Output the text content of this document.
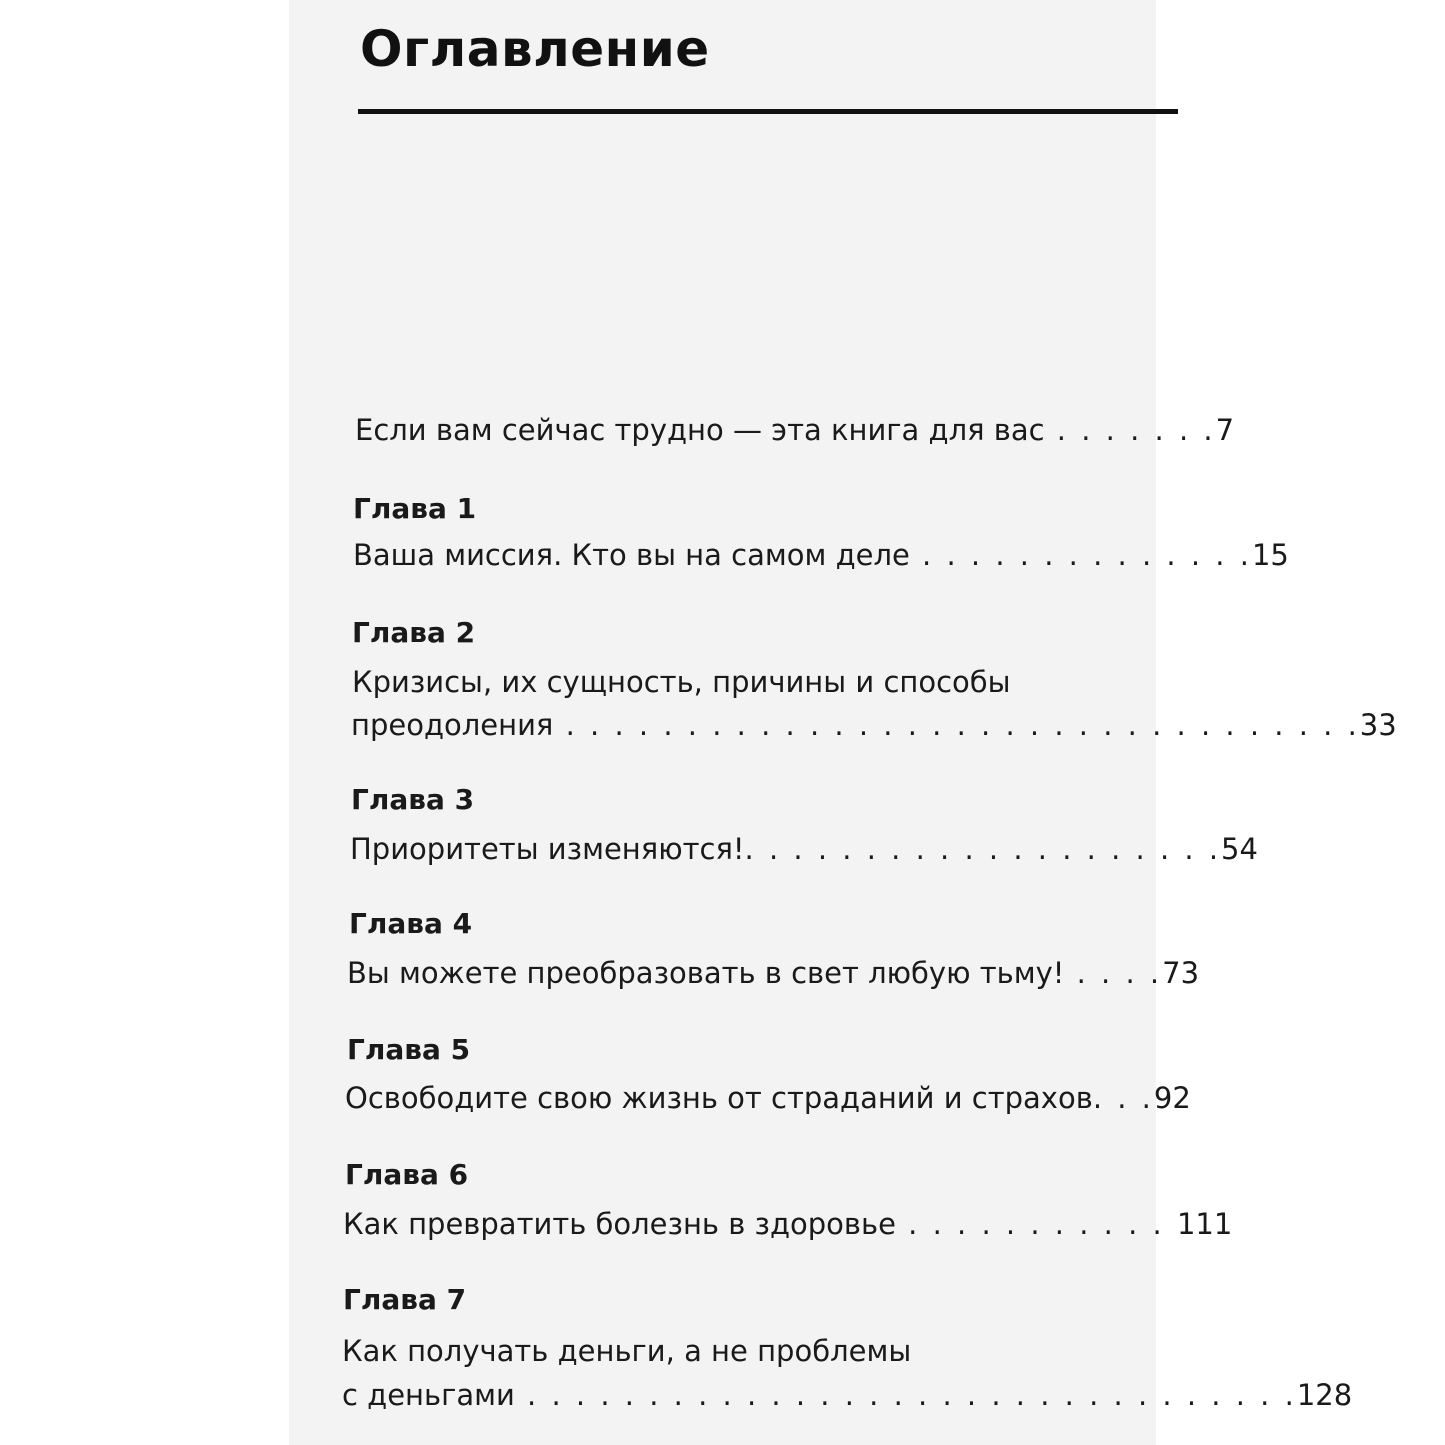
Оглавление
Если вам сейчас трудно — эта книга для вас . . . . . . .7
Глава 1
Ваша миссия. Кто вы на самом деле . . . . . . . . . . . . . .15
Глава 2
Кризисы, их сущность, причины и способы
преодоления . . . . . . . . . . . . . . . . . . . . . . . . . . . . . . . . .33
Глава 3
Приоритеты изменяются!. . . . . . . . . . . . . . . . . . . .54
Глава 4
Вы можете преобразовать в свет любую тьму! . . . .73
Глава 5
Освободите свою жизнь от страданий и страхов. . .92
Глава 6
Как превратить болезнь в здоровье . . . . . . . . . . . 111
Глава 7
Как получать деньги, а не проблемы
с деньгами . . . . . . . . . . . . . . . . . . . . . . . . . . . . . . . .128
